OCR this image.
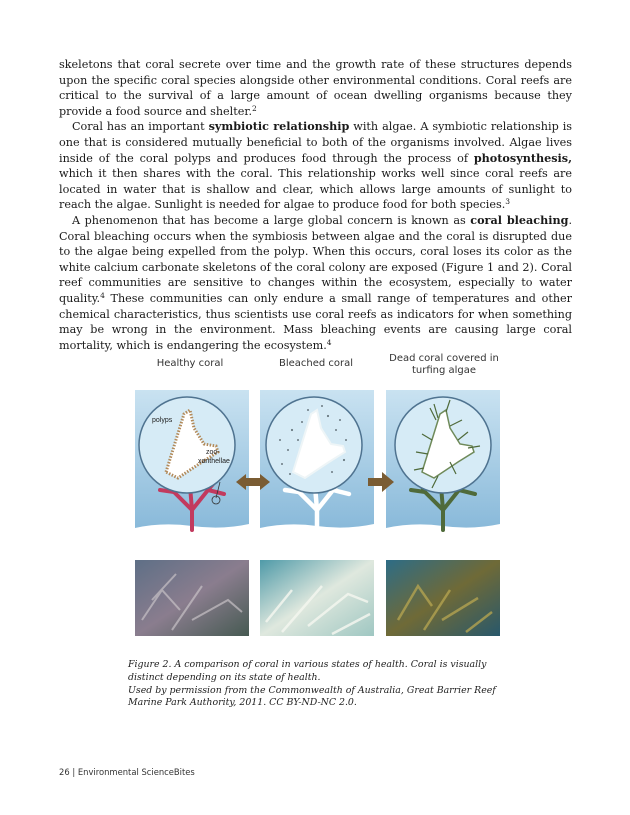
skeletons that coral secrete over time and the growth rate of these structures depends upon the specific coral species alongside other environmental conditions. Coral reefs are critical to the survival of a large amount of ocean dwelling organisms because they provide a food source and shelter.$^2$

Coral has an important symbiotic relationship with algae. A symbiotic relationship is one that is considered mutually beneficial to both of the organisms involved. Algae lives inside of the coral polyps and produces food through the process of photosynthesis, which it then shares with the coral. This relationship works well since coral reefs are located in water that is shallow and clear, which allows large amounts of sunlight to reach the algae. Sunlight is needed for algae to produce food for both species.$^3$

A phenomenon that has become a large global concern is known as coral bleaching. Coral bleaching occurs when the symbiosis between algae and the coral is disrupted due to the algae being expelled from the polyp. When this occurs, coral loses its color as the white calcium carbonate skeletons of the coral colony are exposed (Figure 1 and 2). Coral reef communities are sensitive to changes within the ecosystem, especially to water quality.$^4$ These communities can only endure a small range of temperatures and other chemical characteristics, thus scientists use coral reefs as indicators for when something may be wrong in the environment. Mass bleaching events are causing large coral mortality, which is endangering the ecosystem.$^4$

Healthy coral	Bleached coral	Dead coral covered in
turfing algae
polyps
zoo-
xanthellae
Figure 2. A comparison of coral in various states of health. Coral is visually
distinct depending on its state of health.
Used by permission from the Commonwealth of Australia, Great Barrier Reef
Marine Park Authority, 2011. CC BY-ND-NC 2.0.
26 | Environmental ScienceBites
